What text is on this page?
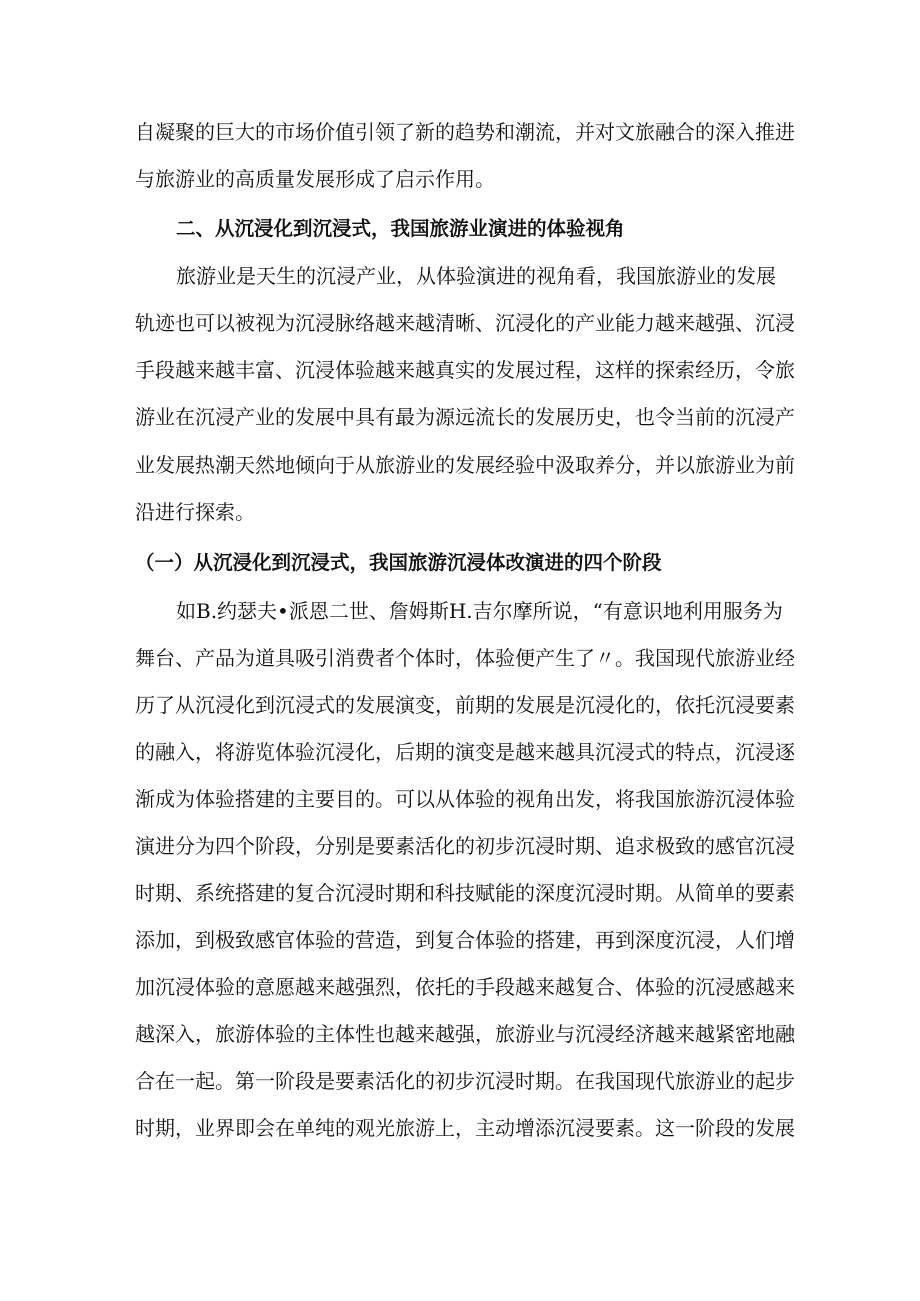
自凝聚的巨大的市场价值引领了新的趋势和潮流，并对文旅融合的深入推进
与旅游业的高质量发展形成了启示作用。
二、从沉浸化到沉浸式，我国旅游业演进的体验视角
旅游业是天生的沉浸产业，从体验演进的视角看，我国旅游业的发展
轨迹也可以被视为沉浸脉络越来越清晰、沉浸化的产业能力越来越强、沉浸
手段越来越丰富、沉浸体验越来越真实的发展过程，这样的探索经历，令旅
游业在沉浸产业的发展中具有最为源远流长的发展历史，也令当前的沉浸产
业发展热潮天然地倾向于从旅游业的发展经验中汲取养分，并以旅游业为前
沿进行探索。
（一）从沉浸化到沉浸式，我国旅游沉浸体改演进的四个阶段
如B.约瑟夫•派恩二世、詹姆斯H.吉尔摩所说，“有意识地利用服务为
舞台、产品为道具吸引消费者个体时，体验便产生了〃。我国现代旅游业经
历了从沉浸化到沉浸式的发展演变，前期的发展是沉浸化的，依托沉浸要素
的融入，将游览体验沉浸化，后期的演变是越来越具沉浸式的特点，沉浸逐
渐成为体验搭建的主要目的。可以从体验的视角出发，将我国旅游沉浸体验
演进分为四个阶段，分别是要素活化的初步沉浸时期、追求极致的感官沉浸
时期、系统搭建的复合沉浸时期和科技赋能的深度沉浸时期。从简单的要素
添加，到极致感官体验的营造，到复合体验的搭建，再到深度沉浸，人们增
加沉浸体验的意愿越来越强烈，依托的手段越来越复合、体验的沉浸感越来
越深入，旅游体验的主体性也越来越强，旅游业与沉浸经济越来越紧密地融
合在一起。第一阶段是要素活化的初步沉浸时期。在我国现代旅游业的起步
时期，业界即会在单纯的观光旅游上，主动增添沉浸要素。这一阶段的发展
